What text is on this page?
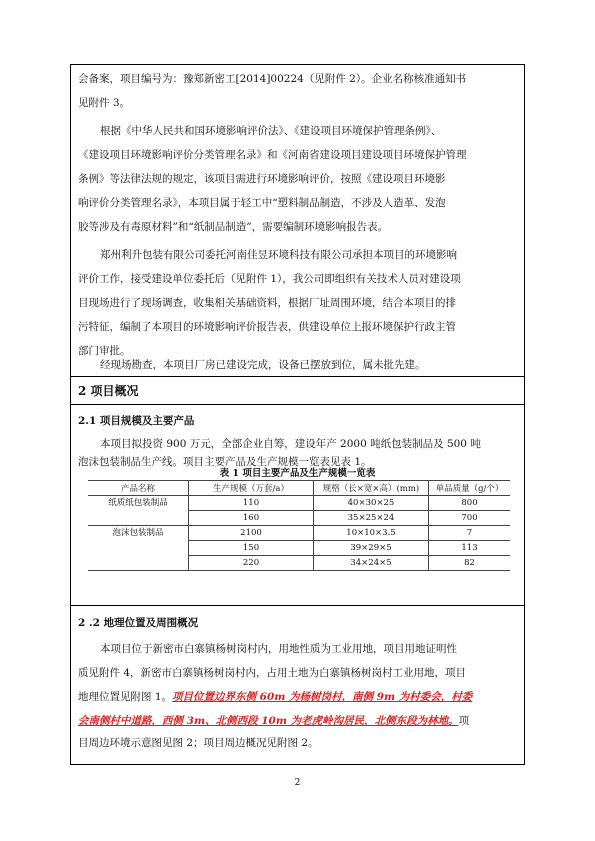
会备案，项目编号为：豫郑新密工[2014]00224（见附件 2）。企业名称核准通知书
见附件 3。
根据《中华人民共和国环境影响评价法》、《建设项目环境保护管理条例》、
《建设项目环境影响评价分类管理名录》和《河南省建设项目建设项目环境保护管理
条例》等法律法规的规定，该项目需进行环境影响评价，按照《建设项目环境影
响评价分类管理名录》，本项目属于轻工中“塑料制品制造，不涉及人造革、发泡
胶等涉及有毒原材料”和“纸制品制造”，需要编制环境影响报告表。
郑州利升包装有限公司委托河南佳昱环境科技有限公司承担本项目的环境影响
评价工作，接受建设单位委托后（见附件 1），我公司即组织有关技术人员对建设项
目现场进行了现场调查，收集相关基础资料，根据厂址周围环境，结合本项目的排
污特征，编制了本项目的环境影响评价报告表，供建设单位上报环境保护行政主管
部门审批。
经现场勘查，本项目厂房已建设完成，设备已摆放到位，属未批先建。
2 项目概况
2.1 项目规模及主要产品
本项目拟投资 900 万元，全部企业自筹，建设年产 2000 吨纸包装制品及 500 吨
泡沫包装制品生产线。项目主要产品及生产规模一览表见表 1。
表 1 项目主要产品及生产规模一览表
产品名称	生产规模（万套/a）	规格（长×宽×高）(mm)	单品质量（g/个）
纸质纸包装制品	110	40×30×25	800
	160	35×25×24	700
泡沫包装制品	2100	10×10×3.5	7
	150	39×29×5	113
	220	34×24×5	82
2 .2 地理位置及周围概况
本项目位于新密市白寨镇杨树岗村内，用地性质为工业用地，项目用地证明性
质见附件 4，新密市白寨镇杨树岗村内，占用土地为白寨镇杨树岗村工业用地，项目
地理位置见附图 1。项目位置边界东侧 60m 为杨树岗村，南侧 9m 为村委会，村委
会南侧村中道路，西侧 3m、北侧西段 10m 为老虎岭沟居民，北侧东段为林地。项
目周边环境示意图见图 2；项目周边概况见附图 2。
2
